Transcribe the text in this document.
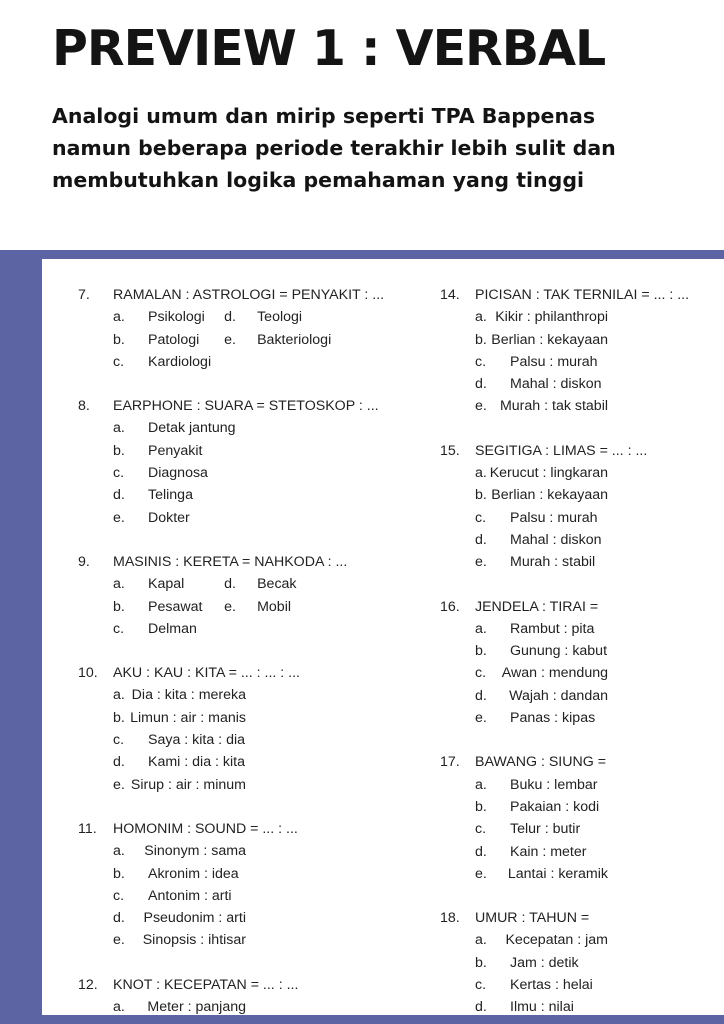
PREVIEW 1 : VERBAL
Analogi umum dan mirip seperti TPA Bappenas namun beberapa periode terakhir lebih sulit dan membutuhkan logika pemahaman yang tinggi
7.	RAMALAN : ASTROLOGI = PENYAKIT : ...
a.	Psikologi d.	Teologi
b.	Patologi e.	Bakteriologi
c.	Kardiologi
8.	EARPHONE : SUARA = STETOSKOP : ...
a.	Detak jantung
b.	Penyakit
c.	Diagnosa
d.	Telinga
e.	Dokter
9.	MASINIS : KERETA = NAHKODA : ...
a.	Kapal	d.	Becak
b.	Pesawat e.	Mobil
c.	Delman
10.	AKU : KAU : KITA = ... : ... : ...
a. Dia : kita : mereka
b. Limun : air : manis
c.	Saya : kita : dia
d.	Kami : dia : kita
e. Sirup : air : minum
11.	HOMONIM : SOUND = ... : ...
a.	Sinonym : sama
b.	Akronim : idea
c.	Antonim : arti
d.	Pseudonim : arti
e.	Sinopsis : ihtisar
12.	KNOT : KECEPATAN = ... : ...
a.	Meter : panjang
14.	PICISAN : TAK TERNILAI = ... : ...
a. Kikir : philanthropi
b. Berlian : kekayaan
c.	Palsu : murah
d.	Mahal : diskon
e. Murah : tak stabil
15.	SEGITIGA : LIMAS = ... : ...
a. Kerucut : lingkaran
b. Berlian : kekayaan
c.	Palsu : murah
d.	Mahal : diskon
e.	Murah : stabil
16.	JENDELA : TIRAI =
a.	Rambut : pita
b.	Gunung : kabut
c.	Awan : mendung
d.	Wajah : dandan
e.	Panas : kipas
17.	BAWANG : SIUNG =
a.	Buku : lembar
b.	Pakaian : kodi
c.	Telur : butir
d.	Kain : meter
e.	Lantai : keramik
18.	UMUR : TAHUN =
a.	Kecepatan : jam
b.	Jam : detik
c.	Kertas : helai
d.	Ilmu : nilai
